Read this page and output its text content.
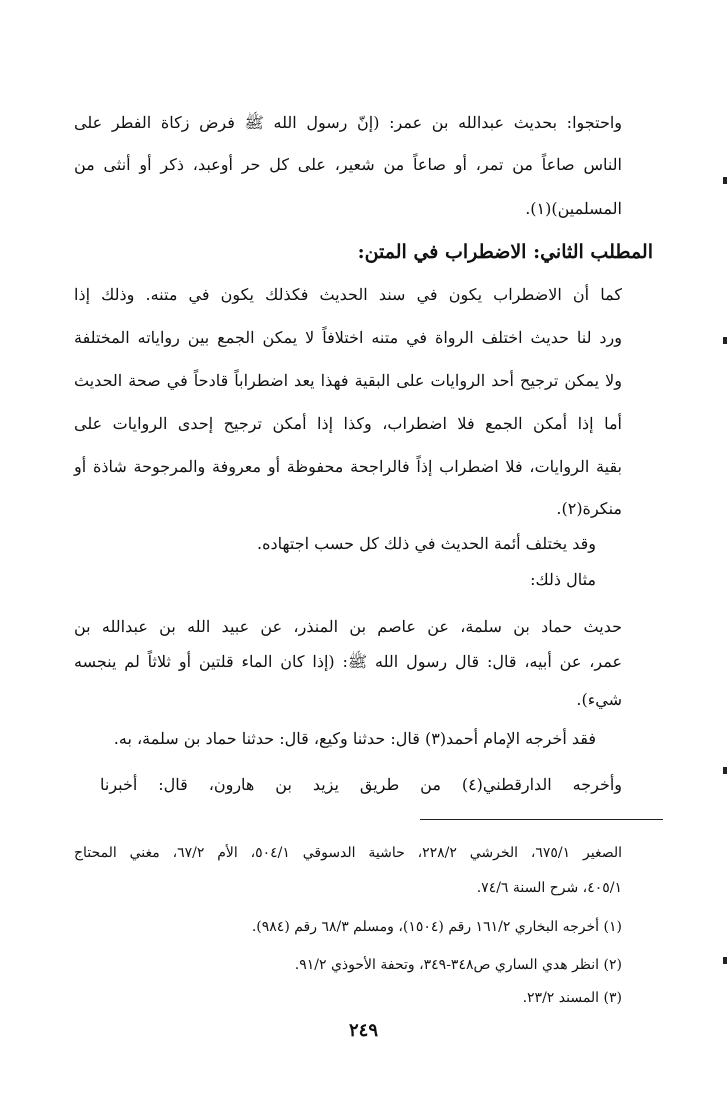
واحتجوا: بحديث عبدالله بن عمر: (إنّ رسول الله ﷺ فرض زكاة الفطر على
الناس صاعاً من تمر، أو صاعاً من شعير، على كل حر أوعبد، ذكر أو أنثى من
المسلمين)(١).
كما أن الاضطراب يكون في سند الحديث فكذلك يكون في متنه. وذلك إذا
ورد لنا حديث اختلف الرواة في متنه اختلافاً لا يمكن الجمع بين رواياته المختلفة
ولا يمكن ترجيح أحد الروايات على البقية فهذا يعد اضطراباً قادحاً في صحة الحديث
أما إذا أمكن الجمع فلا اضطراب، وكذا إذا أمكن ترجيح إحدى الروايات على
بقية الروايات، فلا اضطراب إذاً فالراجحة محفوظة أو معروفة والمرجوحة شاذة أو
منكرة(٢).
وقد يختلف أئمة الحديث في ذلك كل حسب اجتهاده.
مثال ذلك:
حديث حماد بن سلمة، عن عاصم بن المنذر، عن عبيد الله بن عبدالله بن
عمر، عن أبيه، قال: قال رسول الله ﷺ: (إذا كان الماء قلتين أو ثلاثاً لم ينجسه
شيء).
فقد أخرجه الإمام أحمد(٣) قال: حدثنا وكيع، قال: حدثنا حماد بن سلمة، به.
وأخرجه الدارقطني(٤) من طريق يزيد بن هارون، قال: أخبرنا
المطلب الثاني: الاضطراب في المتن:
الصغير ٦٧٥/١، الخرشي ٢٢٨/٢، حاشية الدسوقي ٥٠٤/١، الأم ٦٧/٢، مغني المحتاج
٤٠٥/١، شرح السنة ٧٤/٦.
(١) أخرجه البخاري ١٦١/٢ رقم (١٥٠٤)، ومسلم ٦٨/٣ رقم (٩٨٤).
(٢) انظر هدي الساري ص٣٤٨-٣٤٩، وتحفة الأحوذي ٩١/٢.
(٣) المسند ٢٣/٢.
٢٤٩
